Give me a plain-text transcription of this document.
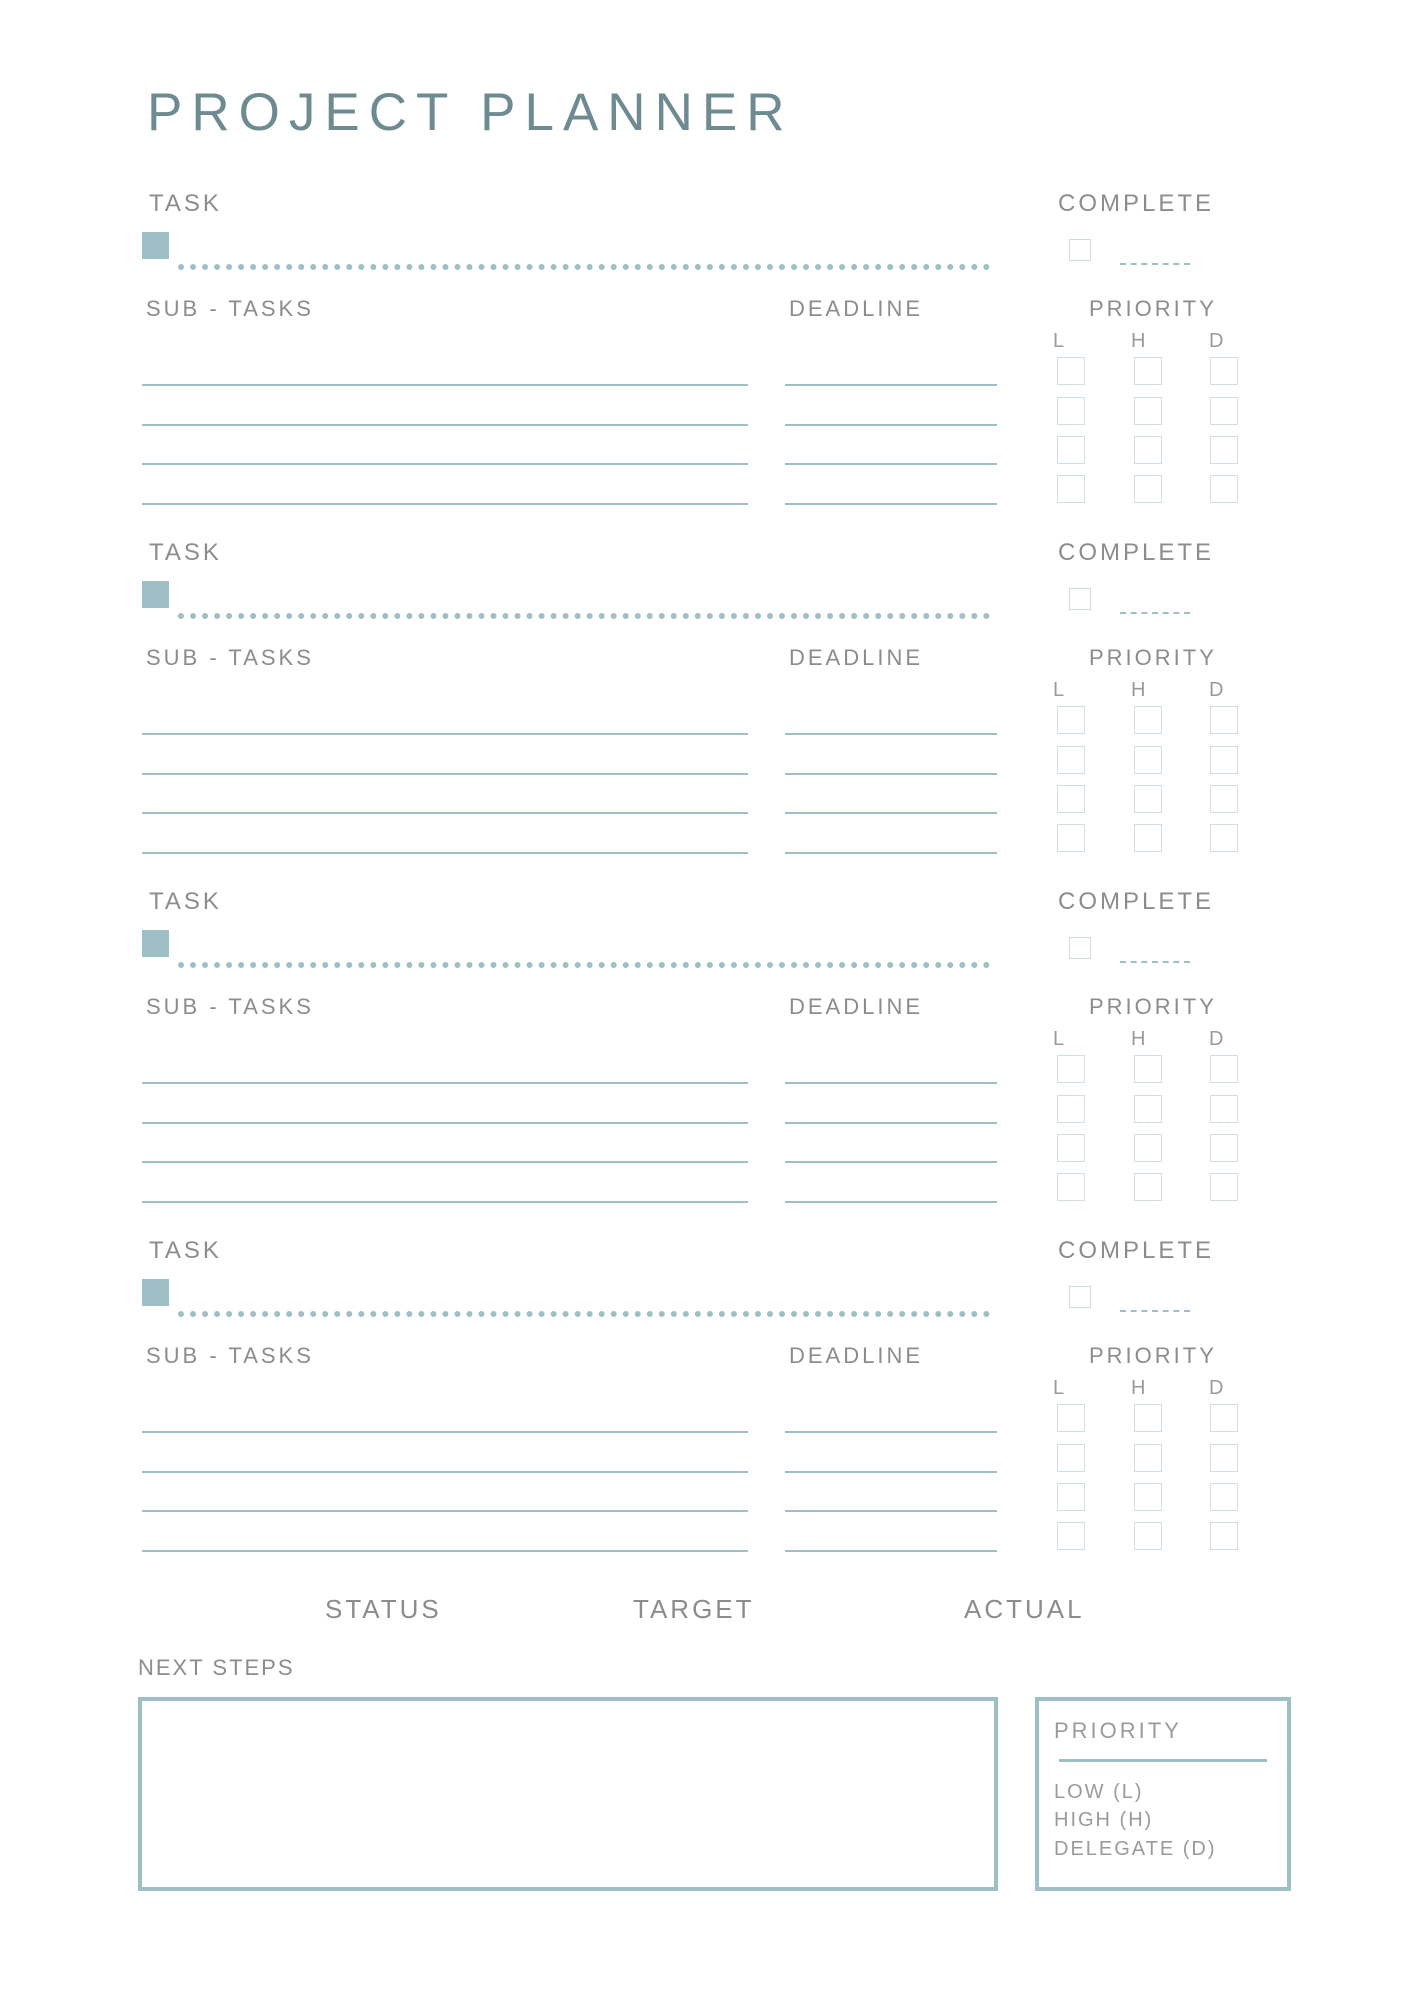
PROJECT PLANNER
TASK	COMPLETE
SUB - TASKS	DEADLINE	PRIORITY
L	H	D
TASK	COMPLETE
SUB - TASKS	DEADLINE	PRIORITY
L	H	D
TASK	COMPLETE
SUB - TASKS	DEADLINE	PRIORITY
L	H	D
TASK	COMPLETE
SUB - TASKS	DEADLINE	PRIORITY
L	H	D
STATUS	TARGET	ACTUAL
NEXT STEPS
PRIORITY
LOW (L)
HIGH (H)
DELEGATE (D)
